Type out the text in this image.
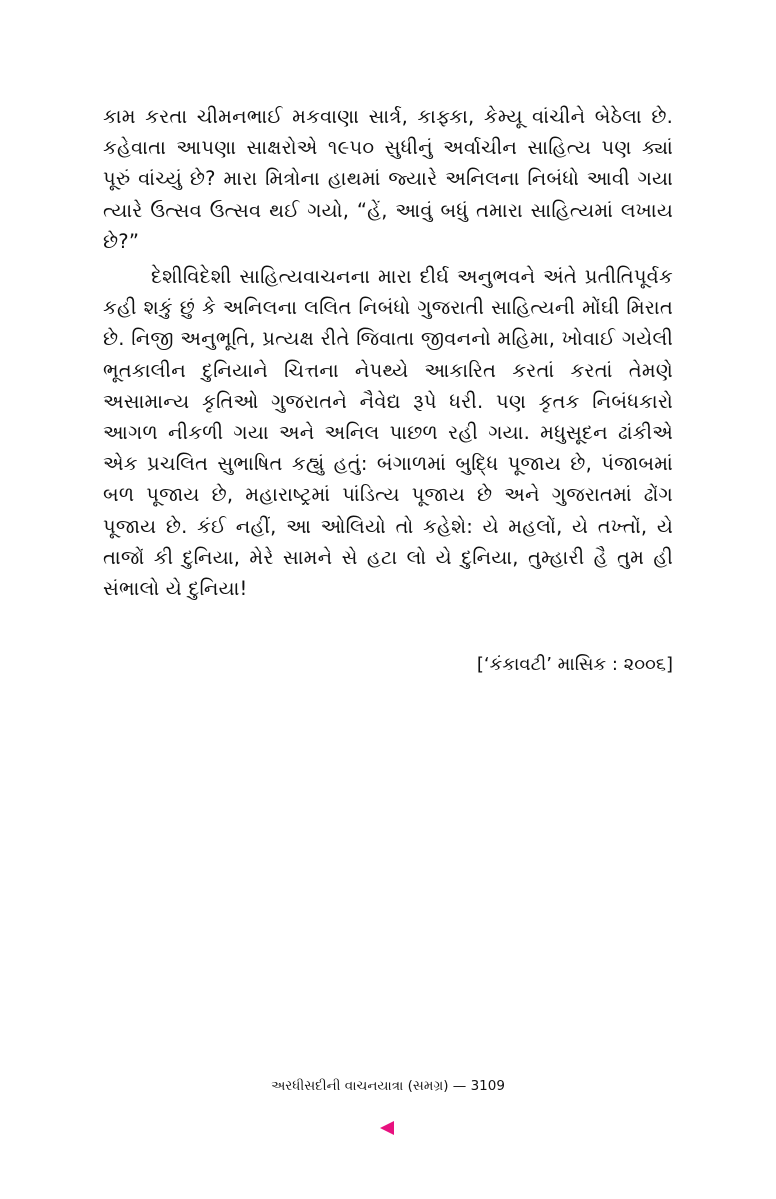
કામ કરતા ચીમનભાઈ મકવાણા સાર્ત્ર, કાફ્કા, કેમ્યૂ વાંચીને બેઠેલા છે. કહેવાતા આપણા સાક્ષરોએ ૧૯૫૦ સુધીનું અર્વાચીન સાહિત્ય પણ ક્યાં પૂરું વાંચ્યું છે? મારા મિત્રોના હાથમાં જ્યારે અનિલના નિબંધો આવી ગયા ત્યારે ઉત્સવ ઉત્સવ થઈ ગયો, “હેં, આવું બધું તમારા સાહિત્યમાં લખાય છે?”

દેશીવિદેશી સાહિત્યવાચનના મારા દીર્ઘ અનુભવને અંતે પ્રતીતિપૂર્વક કહી શકું છું કે અનિલના લલિત નિબંધો ગુજરાતી સાહિત્યની મોંઘી મિરાત છે. નિજી અનુભૂતિ, પ્રત્યક્ષ રીતે જિવાતા જીવનનો મહિમા, ખોવાઈ ગયેલી ભૂતકાલીન દુનિયાને ચિત્તના નેપથ્યે આકારિત કરતાં કરતાં તેમણે અસામાન્ય કૃતિઓ ગુજરાતને નૈવેદ્ય રૂપે ધરી. પણ કૃતક નિબંધકારો આગળ નીકળી ગયા અને અનિલ પાછળ રહી ગયા. મધુસૂદન ઢાંકીએ એક પ્રચલિત સુભાષિત કહ્યું હતું: બંગાળમાં બુદ્ધિ પૂજાય છે, પંજાબમાં બળ પૂજાય છે, મહારાષ્ટ્રમાં પાંડિત્ય પૂજાય છે અને ગુજરાતમાં ઢોંગ પૂજાય છે. કંઈ નહીં, આ ઓલિયો તો કહેશે: યે મહલોં, યે તખ્તોં, યે તાજોં કી દુનિયા, મેરે સામને સે હટા લો યે દુનિયા, તુમ્હારી હૈ તુમ હી સંભાલો યે દુનિયા!

[‘કંકાવટી’ માસિક : ૨૦૦૬]
અરધીસદીની વાચનયાત્રા (સમગ્ર) — 3109
